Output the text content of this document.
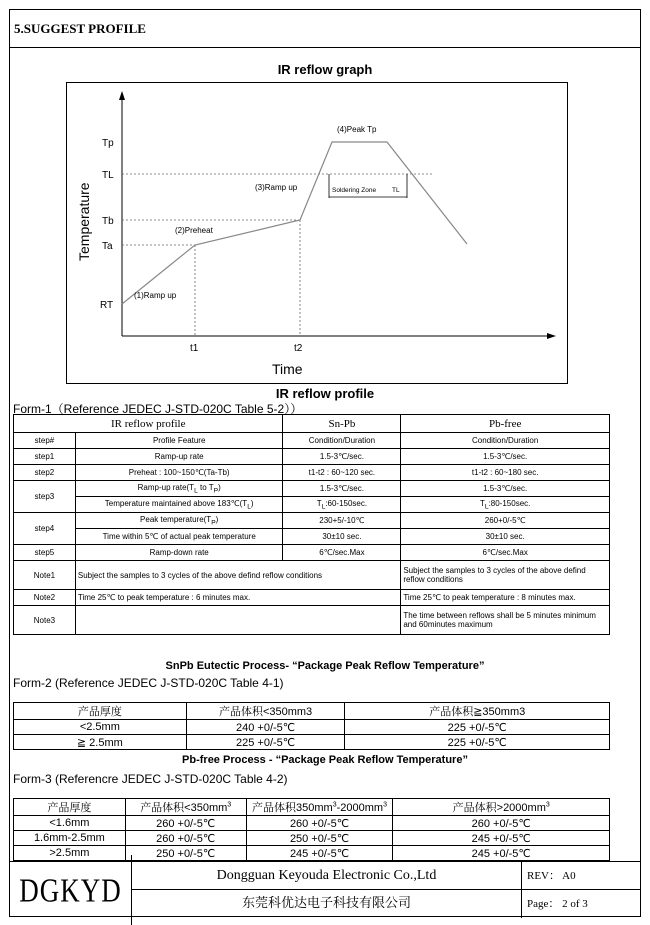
5.SUGGEST PROFILE
IR reflow graph
Tp
TL
Tb
Ta
RT
t1	t2
Temperature
Time
(1)Ramp up
(2)Preheat
(3)Ramp up
(4)Peak Tp
Soldering Zone TL
IR reflow profile
Form-1（Reference JEDEC J-STD-020C Table 5-2））
IR reflow profile		Sn-Pb	Pb-free
step#	Profile Feature	Condition/Duration	Condition/Duration
step1	Ramp-up rate	1.5-3℃/sec.	1.5-3℃/sec.
step2	Preheat : 100~150℃(Ta-Tb)	t1-t2 : 60~120 sec.	t1-t2 : 60~180 sec.
step3	Ramp-up $rate(T_L$ to $T_P$)	1.5-3℃/sec.	1.5-3℃/sec.
	Temperature maintained above $183℃(T_L)$	$T_L:60-150\sec$.	$T_L:80-150\sec$.
step4	Peak $temperature(T_P)$	230+5/-10℃	260+0/-5℃
	Time within 5℃ of actual peak temperature	30±10 sec.	30±10 sec.
step5	Ramp-down rate	6℃/sec.Max	6℃/sec.Max
Note1	Subject the samples to 3 cycles of the above defind reflow conditions		Subject the samples to 3 cycles of the above defind reflow conditions
Note2	Time 25℃ to peak temperature : 6 minutes max.		Time 25℃ to peak temperature : 8 minutes max.
Note3			The time between reflows shall be 5 minutes minimum and 60minutes maximum
SnPb Eutectic Process- “Package Peak Reflow Temperature”
Form-2 (Reference JEDEC J-STD-020C Table 4-1)
产品厚度	产品体积<350mm3	产品体积≧350mm3
<2.5mm	240 +0/-5℃	225 +0/-5℃
≧ 2.5mm	225 +0/-5℃	225 +0/-5℃
Pb-free Process - “Package Peak Reflow Temperature”
Form-3 (Referencre JEDEC J-STD-020C Table 4-2)
产品厚度	产品体积$<350mm^3$	产品体积$350mm^3-2000mm^3$	产品体积$>2000mm^3$
<1.6mm	260 +0/-5℃	260 +0/-5℃	260 +0/-5℃
1.6mm-2.5mm	260 +0/-5℃	250 +0/-5℃	245 +0/-5℃
>2.5mm	250 +0/-5℃	245 +0/-5℃	245 +0/-5℃
DGKYD	Dongguan Keyouda Electronic Co.,Ltd
东莞科优达电子科技有限公司
REV： A0
Page： 2 of 3
